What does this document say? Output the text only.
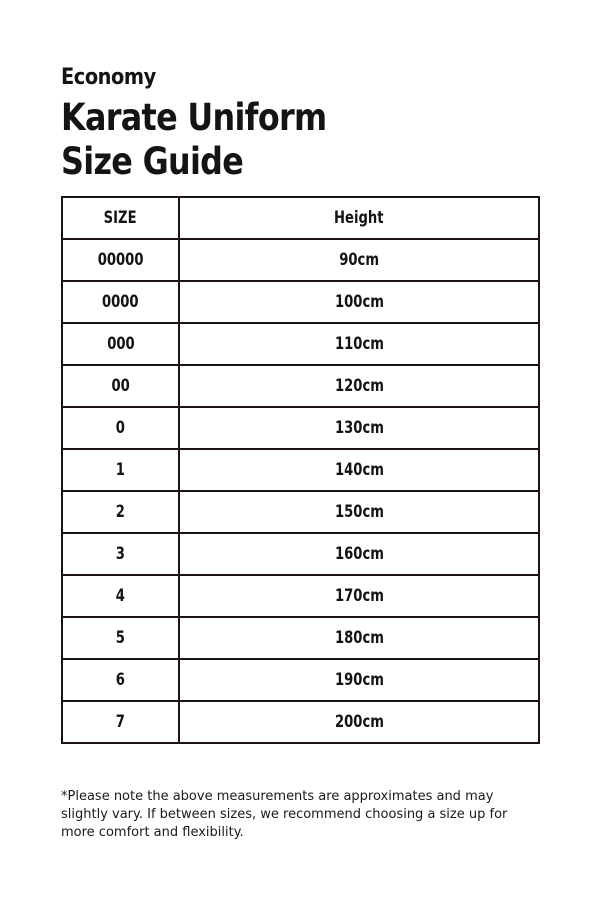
Economy

Karate Uniform
Size Guide
SIZE	Height
00000	90cm
0000	100cm
000	110cm
00	120cm
0	130cm
1	140cm
2	150cm
3	160cm
4	170cm
5	180cm
6	190cm
7	200cm

*Please note the above measurements are approximates and may slightly vary. If between sizes, we recommend choosing a size up for more comfort and flexibility.
